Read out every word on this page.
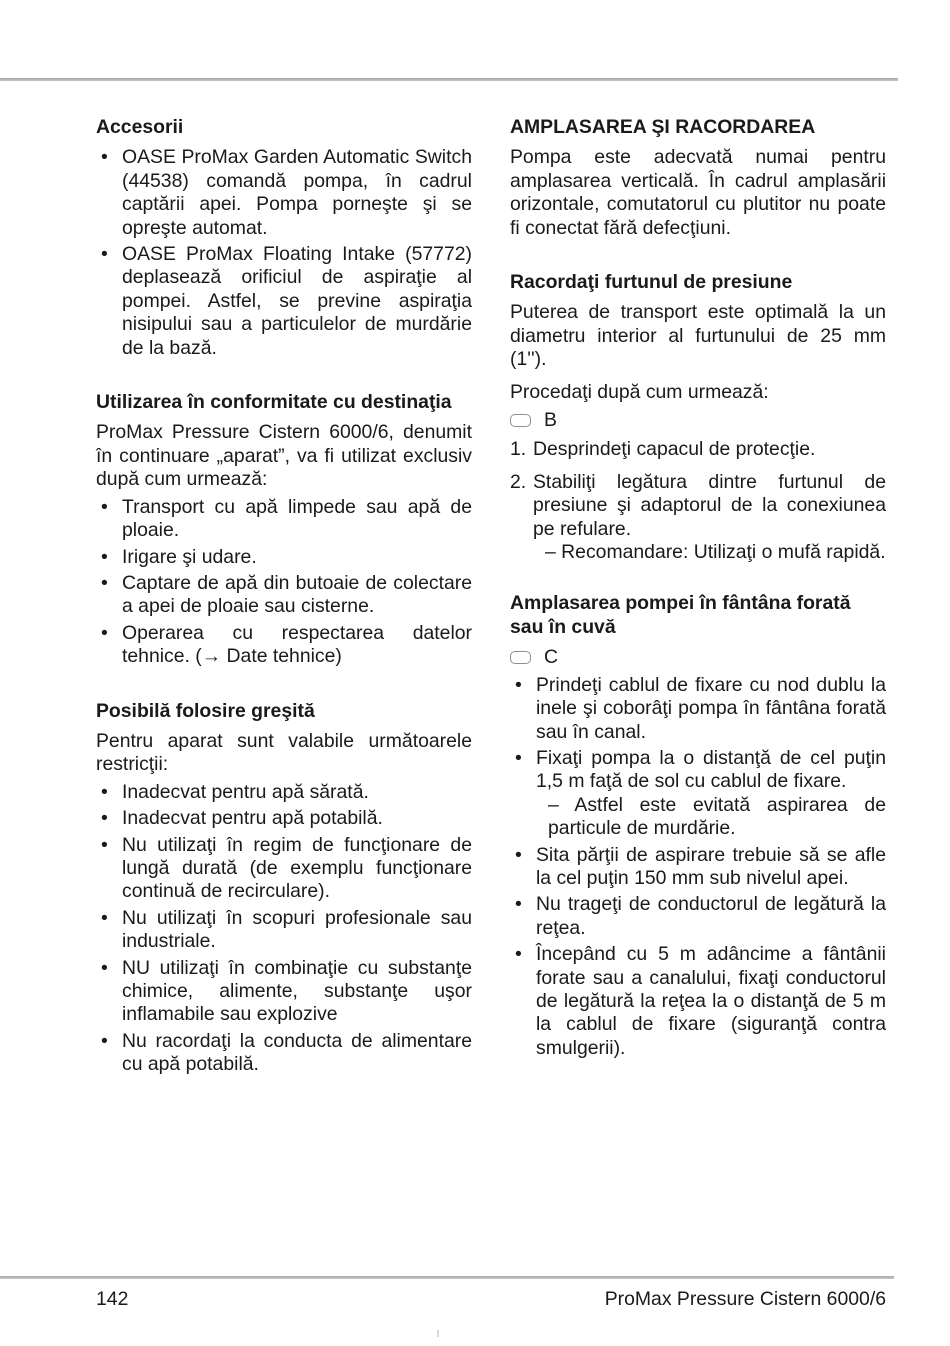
Accesorii
• OASE ProMax Garden Automatic Switch (44538) comandă pompa, în cadrul captării apei. Pompa porneşte şi se opreşte automat.
• OASE ProMax Floating Intake (57772) deplasează orificiul de aspiraţie al pompei. Astfel, se previne aspiraţia nisipului sau a particulelor de murdărie de la bază.
Utilizarea în conformitate cu destinaţia

ProMax Pressure Cistern 6000/6, denumit în continuare „aparat”, va fi utilizat exclusiv după cum urmează:

• Transport cu apă limpede sau apă de ploaie.
• Irigare şi udare.
• Captare de apă din butoaie de colectare a apei de ploaie sau cisterne.
• Operarea cu respectarea datelor tehnice. (→ Date tehnice)
Posibilă folosire greşită

Pentru aparat sunt valabile următoarele restricţii:

• Inadecvat pentru apă sărată.
• Inadecvat pentru apă potabilă.
• Nu utilizaţi în regim de funcţionare de lungă durată (de exemplu funcţionare continuă de recirculare).
• Nu utilizaţi în scopuri profesionale sau industriale.
• NU utilizaţi în combinaţie cu substanţe chimice, alimente, substanţe uşor inflamabile sau explozive
• Nu racordaţi la conducta de alimentare cu apă potabilă.
AMPLASAREA ŞI RACORDAREA

Pompa este adecvată numai pentru amplasarea verticală. În cadrul amplasării orizontale, comutatorul cu plutitor nu poate fi conectat fără defecţiuni.

Racordaţi furtunul de presiune

Puterea de transport este optimală la un diametru interior al furtunului de 25 mm (1'').

Procedaţi după cum urmează:

B
1. Desprindeţi capacul de protecţie.
2. Stabiliţi legătura dintre furtunul de presiune şi adaptorul de la conexiunea pe refulare.
– Recomandare: Utilizaţi o mufă rapidă.
Amplasarea pompei în fântâna forată sau în cuvă
C
• Prindeţi cablul de fixare cu nod dublu la inele şi coborâţi pompa în fântâna forată sau în canal.
• Fixaţi pompa la o distanţă de cel puţin 1,5 m faţă de sol cu cablul de fixare.
– Astfel este evitată aspirarea de particule de murdărie.
• Sita părţii de aspirare trebuie să se afle la cel puţin 150 mm sub nivelul apei.
• Nu trageţi de conductorul de legătură la reţea.
• Începând cu 5 m adâncime a fântânii forate sau a canalului, fixaţi conductorul de legătură la reţea la o distanţă de 5 m la cablul de fixare (siguranţă contra smulgerii).
142	ProMax Pressure Cistern 6000/6
